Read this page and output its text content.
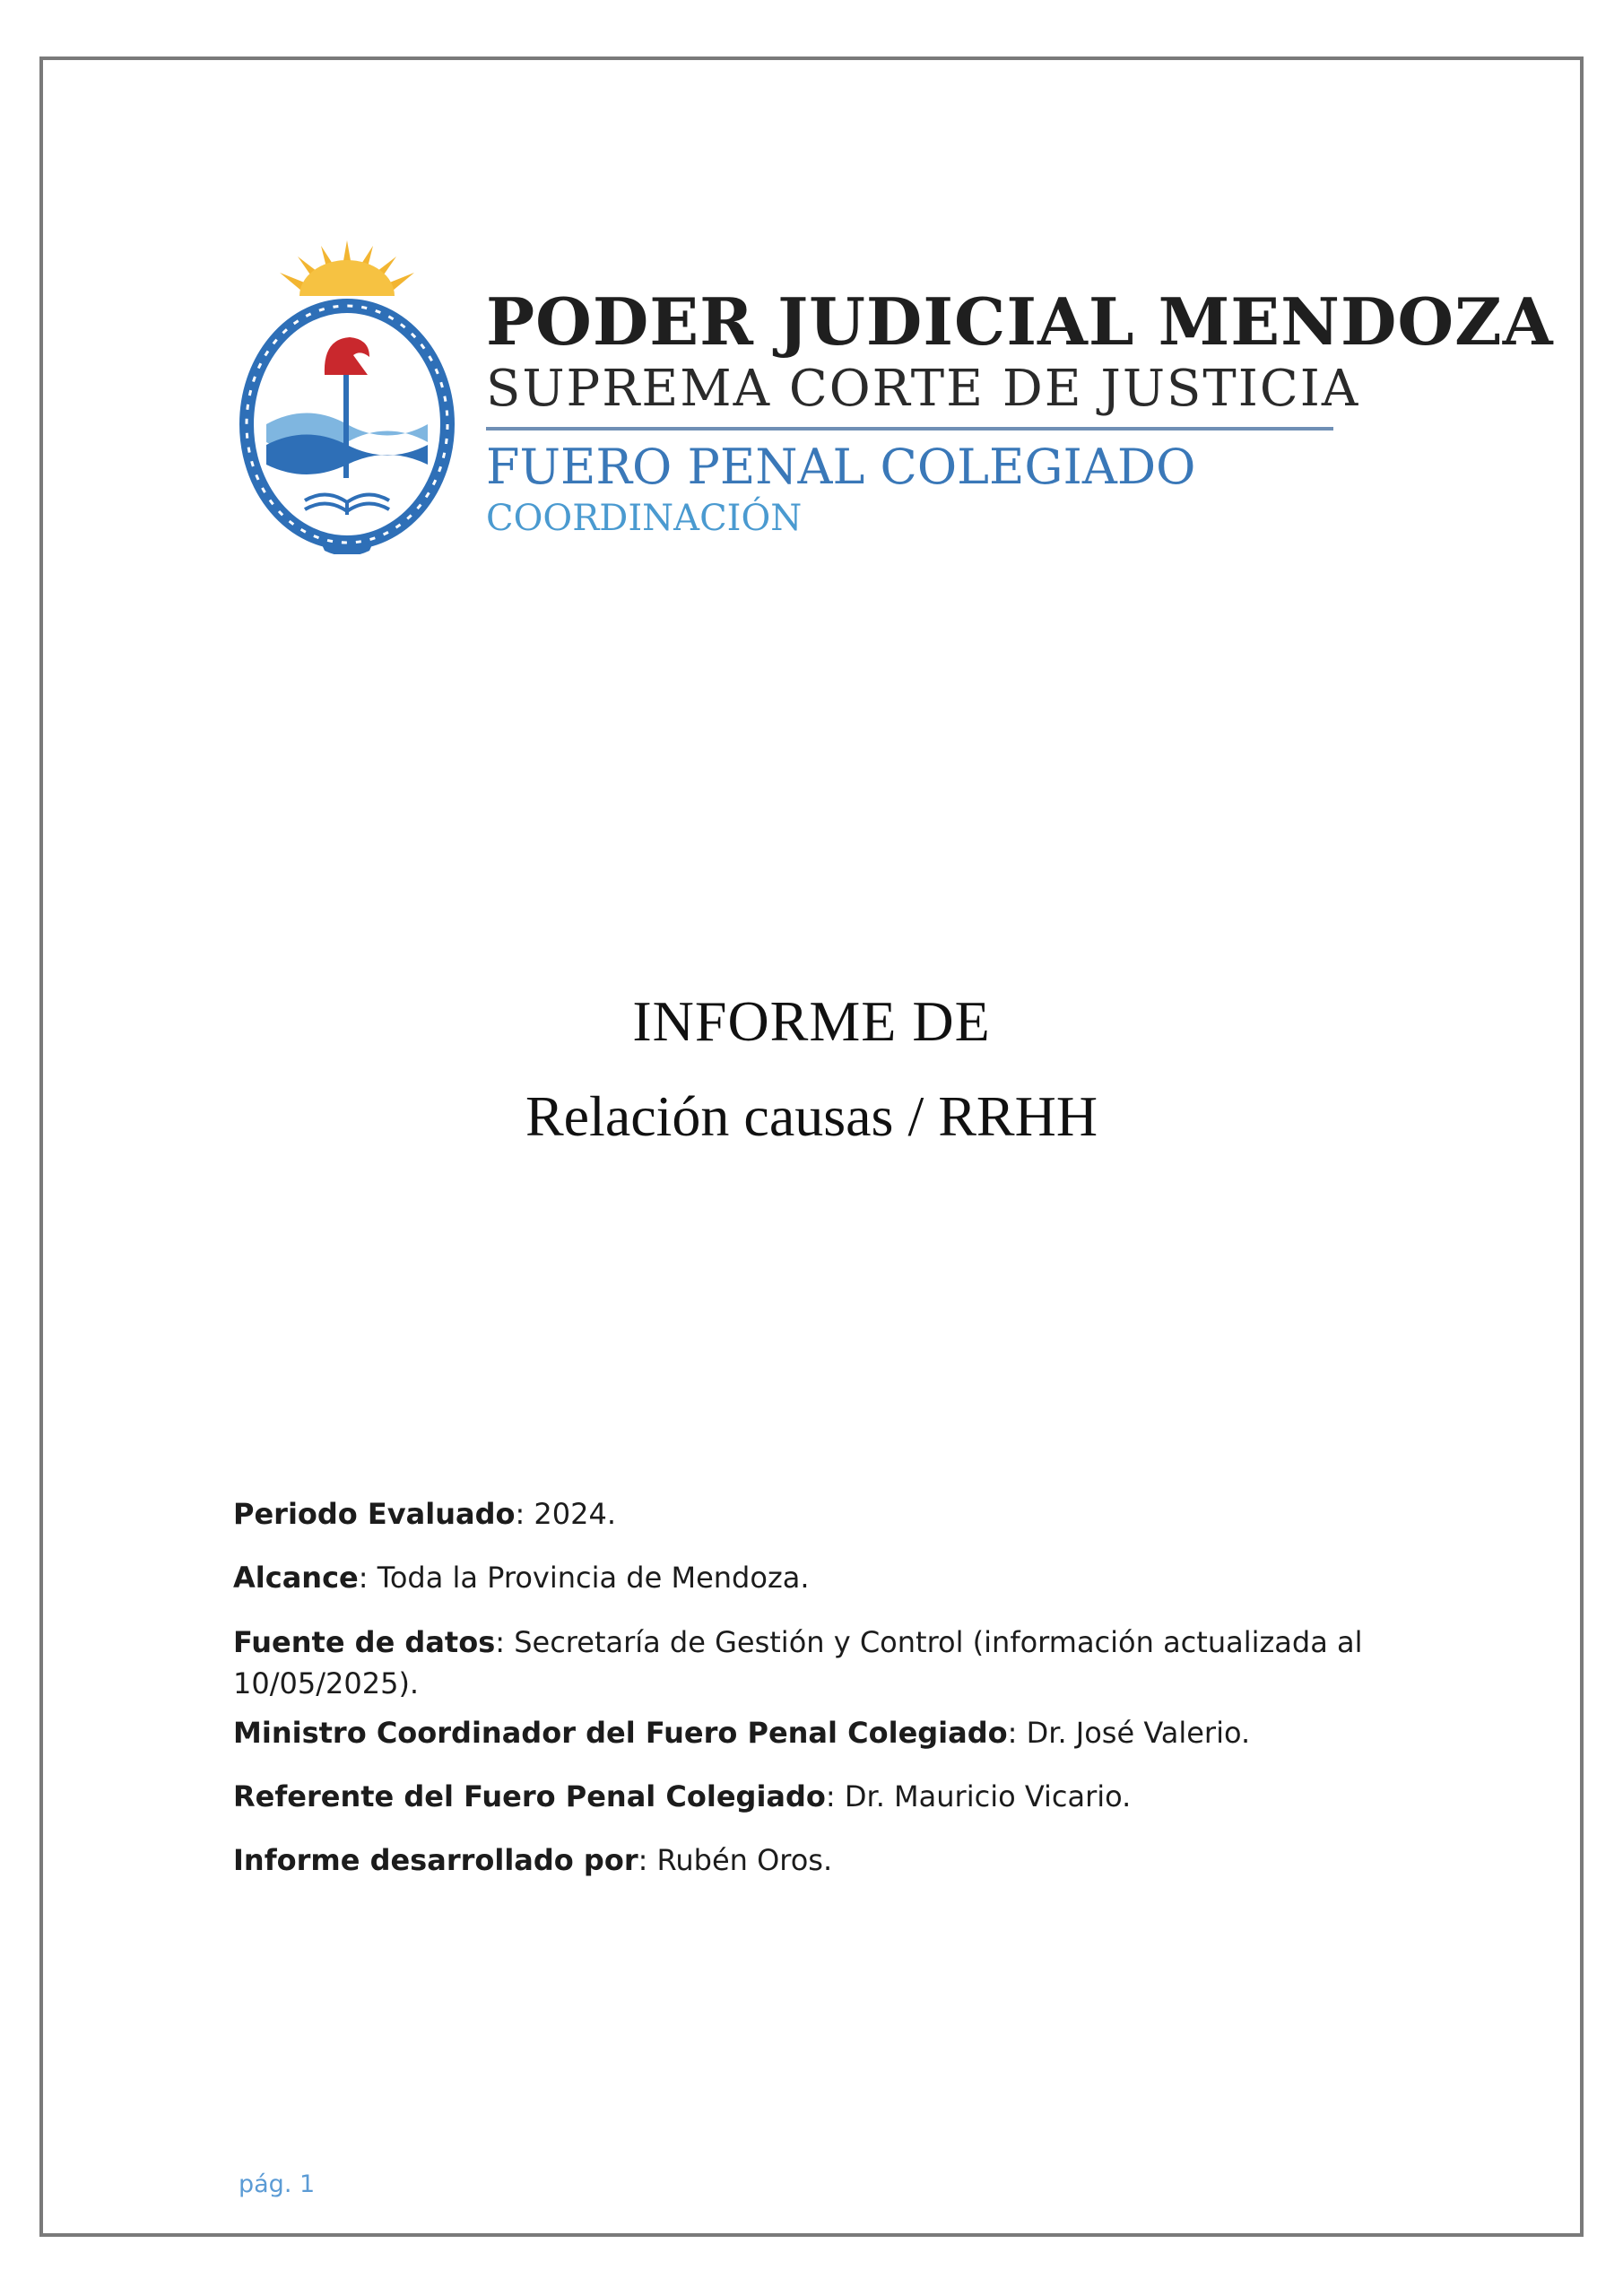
PODER JUDICIAL MENDOZA
SUPREMA CORTE DE JUSTICIA
FUERO PENAL COLEGIADO
COORDINACIÓN
INFORME DE
Relación causas / RRHH

Periodo Evaluado: 2024.

Alcance: Toda la Provincia de Mendoza.

Fuente de datos: Secretaría de Gestión y Control (información actualizada al 10/05/2025).

Ministro Coordinador del Fuero Penal Colegiado: Dr. José Valerio.

Referente del Fuero Penal Colegiado: Dr. Mauricio Vicario.

Informe desarrollado por: Rubén Oros.

pág. 1
